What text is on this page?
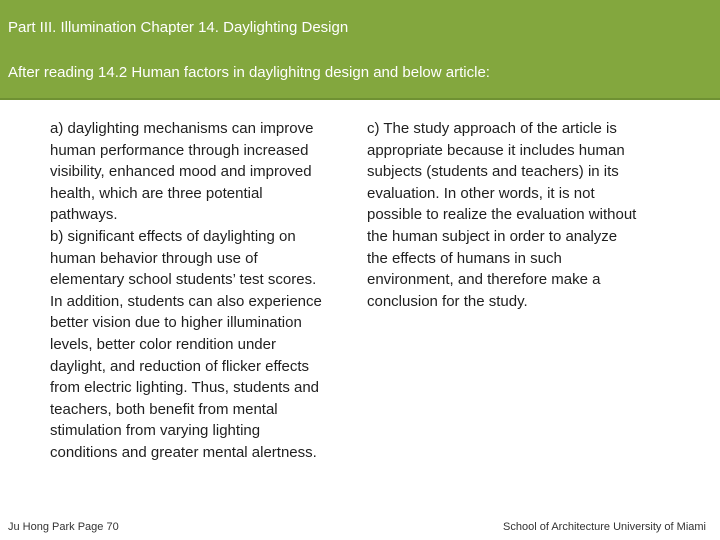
Part III. Illumination Chapter 14. Daylighting Design
After reading 14.2 Human factors in daylighitng design and below article:
a) daylighting mechanisms can improve
human performance through increased
visibility, enhanced mood and improved
health, which are three potential
pathways.
b) significant effects of daylighting on
human behavior through use of
elementary school students’ test scores.
In addition, students can also experience
better vision due to higher illumination
levels, better color rendition under
daylight, and reduction of flicker effects
from electric lighting. Thus, students and
teachers, both benefit from mental
stimulation from varying lighting
conditions and greater mental alertness.
c) The study approach of the article is
appropriate because it includes human
subjects (students and teachers) in its
evaluation. In other words, it is not
possible to realize the evaluation without
the human subject in order to analyze
the effects of humans in such
environment, and therefore make a
conclusion for the study.
Ju Hong Park Page 70	School of Architecture University of Miami
